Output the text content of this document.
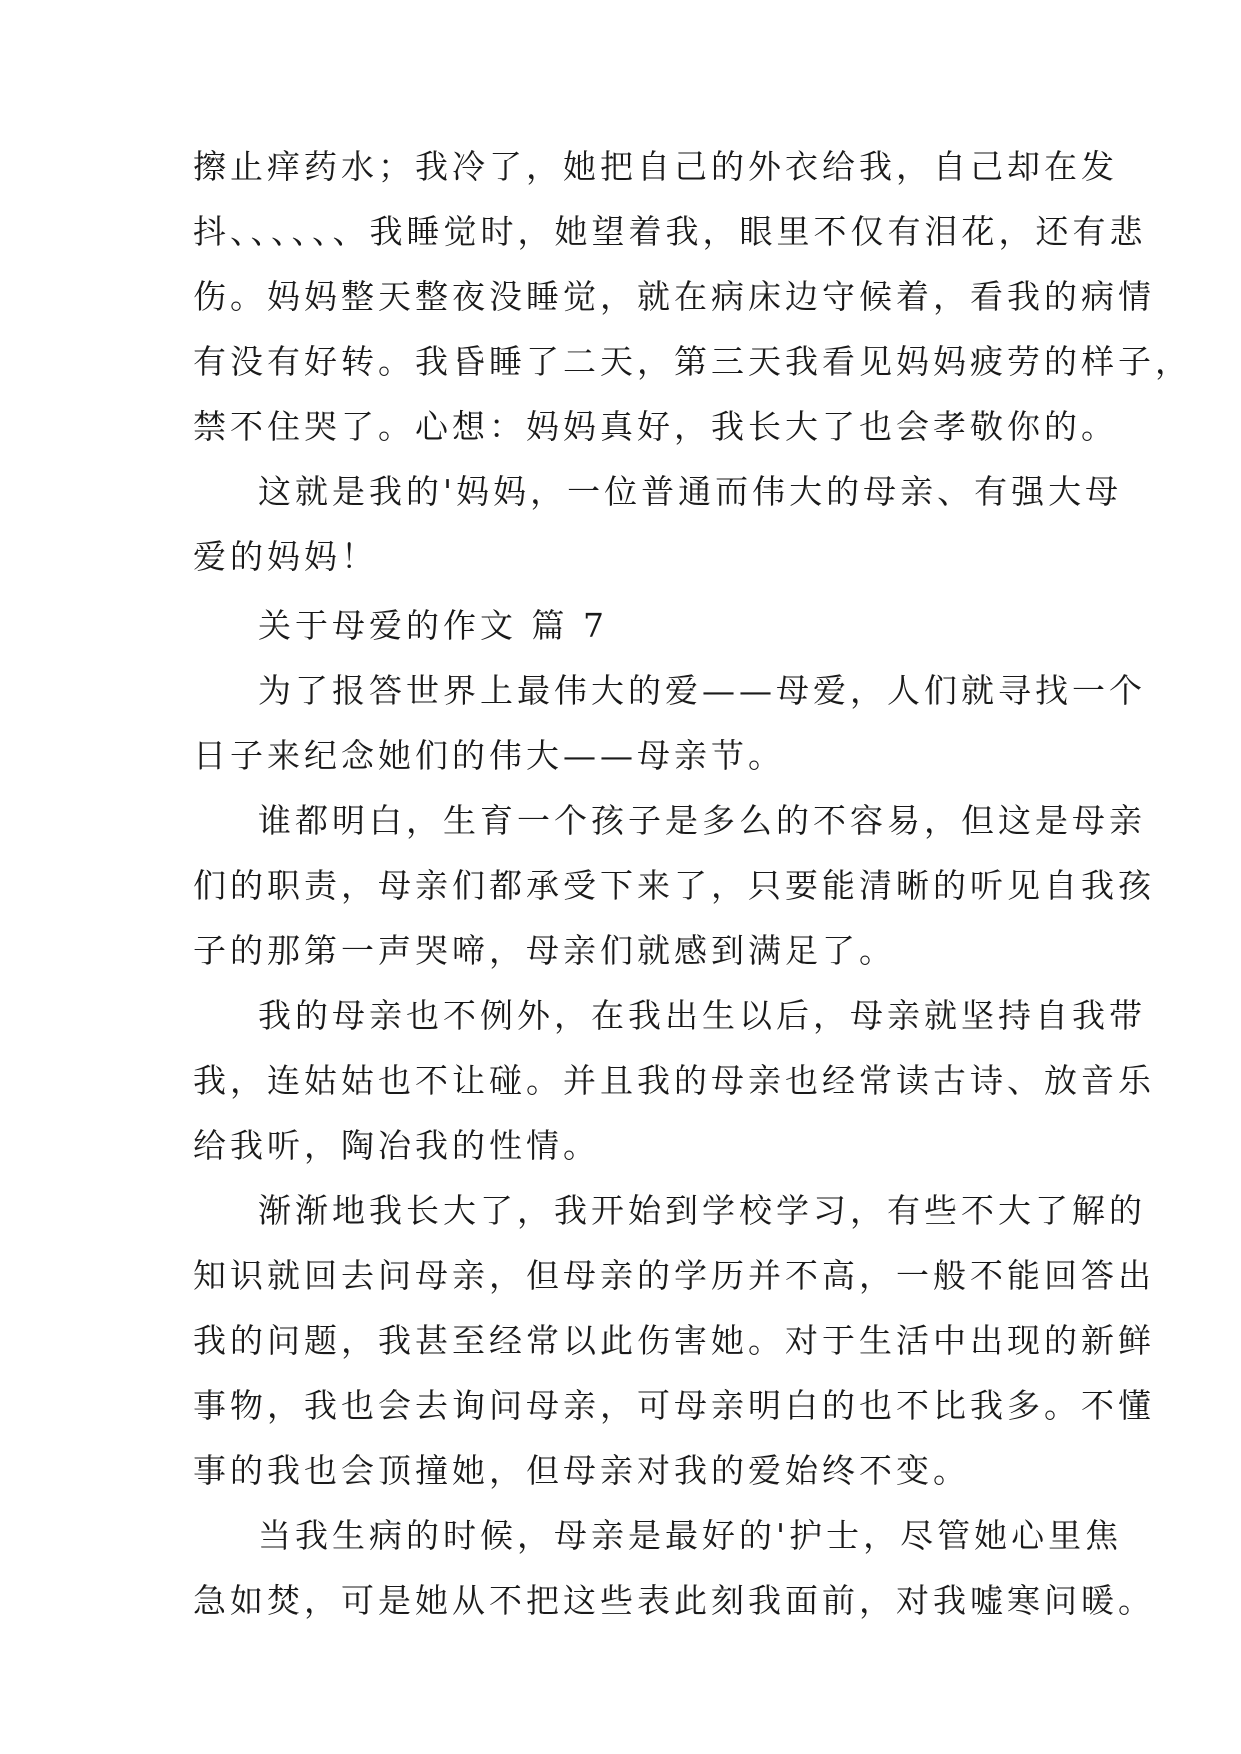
擦止痒药水；我冷了，她把自己的外衣给我，自己却在发
抖、、、、、、我睡觉时，她望着我，眼里不仅有泪花，还有悲
伤。妈妈整天整夜没睡觉，就在病床边守候着，看我的病情
有没有好转。我昏睡了二天，第三天我看见妈妈疲劳的样子，
禁不住哭了。心想：妈妈真好，我长大了也会孝敬你的。
这就是我的'妈妈，一位普通而伟大的母亲、有强大母
爱的妈妈！
关于母爱的作文 篇 7
为了报答世界上最伟大的爱——母爱，人们就寻找一个
日子来纪念她们的伟大——母亲节。
谁都明白，生育一个孩子是多么的不容易，但这是母亲
们的职责，母亲们都承受下来了，只要能清晰的听见自我孩
子的那第一声哭啼，母亲们就感到满足了。
我的母亲也不例外，在我出生以后，母亲就坚持自我带
我，连姑姑也不让碰。并且我的母亲也经常读古诗、放音乐
给我听，陶冶我的性情。
渐渐地我长大了，我开始到学校学习，有些不大了解的
知识就回去问母亲，但母亲的学历并不高，一般不能回答出
我的问题，我甚至经常以此伤害她。对于生活中出现的新鲜
事物，我也会去询问母亲，可母亲明白的也不比我多。不懂
事的我也会顶撞她，但母亲对我的爱始终不变。
当我生病的时候，母亲是最好的'护士，尽管她心里焦
急如焚，可是她从不把这些表此刻我面前，对我嘘寒问暖。
